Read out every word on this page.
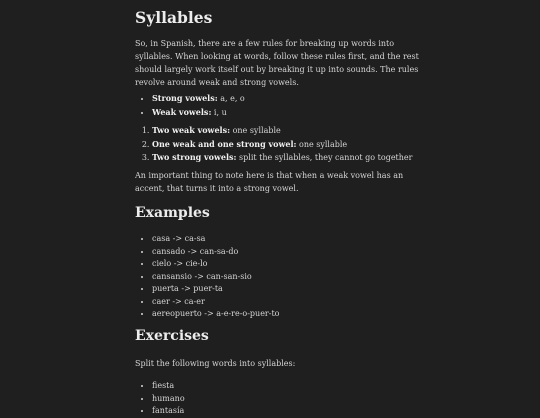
Syllables

So, in Spanish, there are a few rules for breaking up words into syllables. When looking at words, follow these rules first, and the rest should largely work itself out by breaking it up into sounds. The rules revolve around weak and strong vowels.

• Strong vowels: a, e, o
• Weak vowels: i, u
1. Two weak vowels: one syllable
2. One weak and one strong vowel: one syllable
3. Two strong vowels: split the syllables, they cannot go together

An important thing to note here is that when a weak vowel has an accent, that turns it into a strong vowel.

Examples
• casa -> ca-sa
• cansado -> can-sa-do
• cielo -> cie-lo
• cansansio -> can-san-sio
• puerta -> puer-ta
• caer -> ca-er
• aereopuerto -> a-e-re-o-puer-to
Exercises

Split the following words into syllables:

• fiesta
• humano
• fantasía
